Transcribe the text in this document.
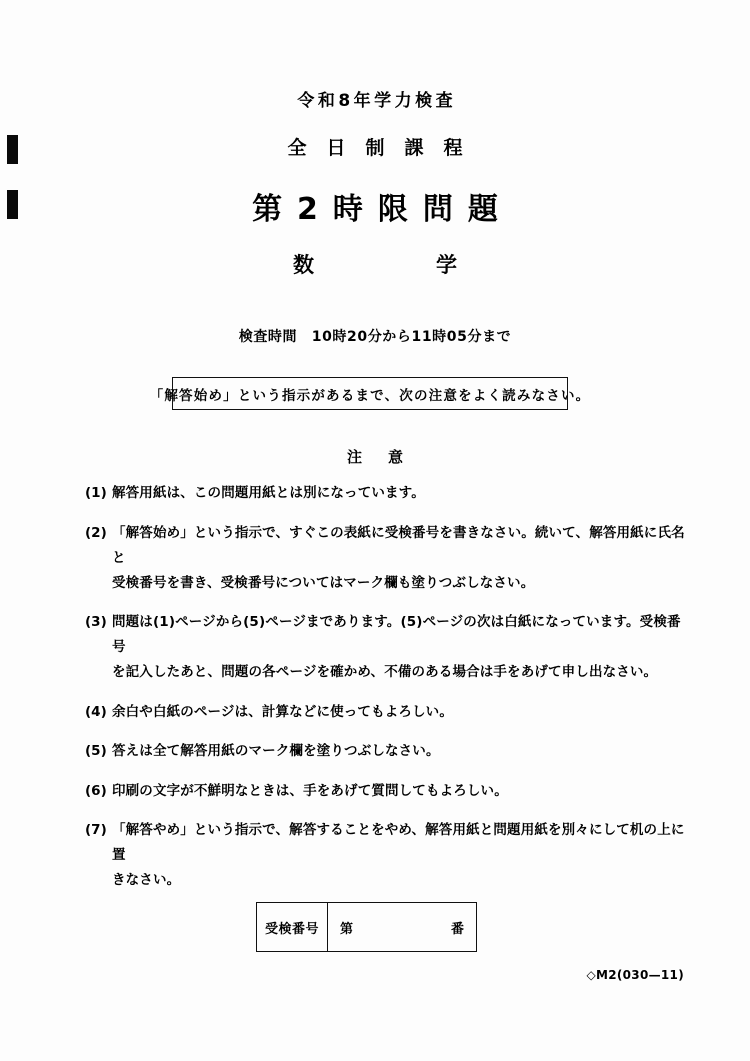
令和8年学力検査
全日制課程
第2時限問題
数学
検査時間　10時20分から11時05分まで
「解答始め」という指示があるまで、次の注意をよく読みなさい。
注意
(1) 解答用紙は、この問題用紙とは別になっています。
(2) 「解答始め」という指示で、すぐこの表紙に受検番号を書きなさい。続いて、解答用紙に氏名と
受検番号を書き、受検番号についてはマーク欄も塗りつぶしなさい。
(3) 問題は(1)ページから(5)ページまであります。(5)ページの次は白紙になっています。受検番号
を記入したあと、問題の各ページを確かめ、不備のある場合は手をあげて申し出なさい。
(4) 余白や白紙のページは、計算などに使ってもよろしい。
(5) 答えは全て解答用紙のマーク欄を塗りつぶしなさい。
(6) 印刷の文字が不鮮明なときは、手をあげて質問してもよろしい。
(7) 「解答やめ」という指示で、解答することをやめ、解答用紙と問題用紙を別々にして机の上に置
きなさい。
受検番号	第	番
◇M2(030—11)
